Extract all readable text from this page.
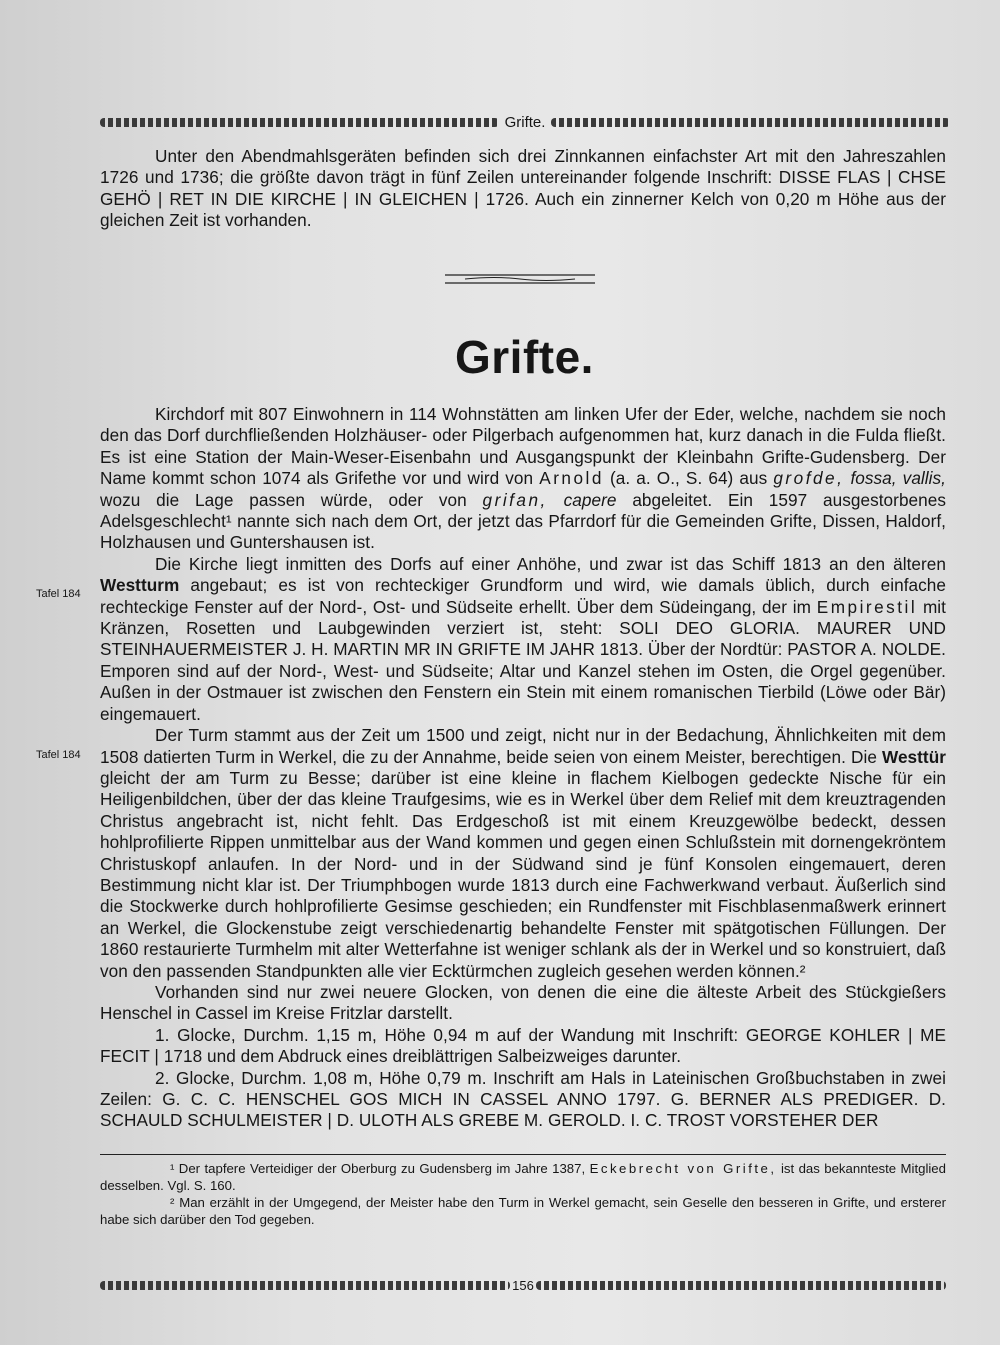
Grifte.

Unter den Abendmahlsgeräten befinden sich drei Zinnkannen einfachster Art mit den Jahreszahlen 1726 und 1736; die größte davon trägt in fünf Zeilen untereinander folgende Inschrift: DISSE FLAS | CHSE GEHÖ | RET IN DIE KIRCHE | IN GLEICHEN | 1726. Auch ein zinnerner Kelch von 0,20 m Höhe aus der gleichen Zeit ist vorhanden.

Grifte.

Kirchdorf mit 807 Einwohnern in 114 Wohnstätten am linken Ufer der Eder, welche, nachdem sie noch den das Dorf durchfließenden Holzhäuser- oder Pilgerbach aufgenommen hat, kurz danach in die Fulda fließt. Es ist eine Station der Main-Weser-Eisenbahn und Ausgangspunkt der Kleinbahn Grifte-Gudensberg. Der Name kommt schon 1074 als Grifethe vor und wird von Arnold (a. a. O., S. 64) aus grofde, fossa, vallis, wozu die Lage passen würde, oder von grifan, capere abgeleitet. Ein 1597 ausgestorbenes Adelsgeschlecht¹ nannte sich nach dem Ort, der jetzt das Pfarrdorf für die Gemeinden Grifte, Dissen, Haldorf, Holzhausen und Guntershausen ist.

Die Kirche liegt inmitten des Dorfs auf einer Anhöhe, und zwar ist das Schiff 1813 an den älteren Westturm angebaut; es ist von rechteckiger Grundform und wird, wie damals üblich, durch einfache rechteckige Fenster auf der Nord-, Ost- und Südseite erhellt. Über dem Südeingang, der im Empirestil mit Kränzen, Rosetten und Laubgewinden verziert ist, steht: SOLI DEO GLORIA. MAURER UND STEINHAUERMEISTER J. H. MARTIN MR IN GRIFTE IM JAHR 1813. Über der Nordtür: PASTOR A. NOLDE. Emporen sind auf der Nord-, West- und Südseite; Altar und Kanzel stehen im Osten, die Orgel gegenüber. Außen in der Ostmauer ist zwischen den Fenstern ein Stein mit einem romanischen Tierbild (Löwe oder Bär) eingemauert.

Der Turm stammt aus der Zeit um 1500 und zeigt, nicht nur in der Bedachung, Ähnlichkeiten mit dem 1508 datierten Turm in Werkel, die zu der Annahme, beide seien von einem Meister, berechtigen. Die Westtür gleicht der am Turm zu Besse; darüber ist eine kleine in flachem Kielbogen gedeckte Nische für ein Heiligenbildchen, über der das kleine Traufgesims, wie es in Werkel über dem Relief mit dem kreuztragenden Christus angebracht ist, nicht fehlt. Das Erdgeschoß ist mit einem Kreuzgewölbe bedeckt, dessen hohlprofilierte Rippen unmittelbar aus der Wand kommen und gegen einen Schlußstein mit dornengekröntem Christuskopf anlaufen. In der Nord- und in der Südwand sind je fünf Konsolen eingemauert, deren Bestimmung nicht klar ist. Der Triumphbogen wurde 1813 durch eine Fachwerkwand verbaut. Äußerlich sind die Stockwerke durch hohlprofilierte Gesimse geschieden; ein Rundfenster mit Fischblasenmaßwerk erinnert an Werkel, die Glockenstube zeigt verschiedenartig behandelte Fenster mit spätgotischen Füllungen. Der 1860 restaurierte Turmhelm mit alter Wetterfahne ist weniger schlank als der in Werkel und so konstruiert, daß von den passenden Standpunkten alle vier Ecktürmchen zugleich gesehen werden können.²

Vorhanden sind nur zwei neuere Glocken, von denen die eine die älteste Arbeit des Stückgießers Henschel in Cassel im Kreise Fritzlar darstellt.

1. Glocke, Durchm. 1,15 m, Höhe 0,94 m auf der Wandung mit Inschrift: GEORGE KOHLER | ME FECIT | 1718 und dem Abdruck eines dreiblättrigen Salbeizweiges darunter.

2. Glocke, Durchm. 1,08 m, Höhe 0,79 m. Inschrift am Hals in Lateinischen Großbuchstaben in zwei Zeilen: G. C. C. HENSCHEL GOS MICH IN CASSEL ANNO 1797. G. BERNER ALS PREDIGER. D. SCHAULD SCHULMEISTER | D. ULOTH ALS GREBE M. GEROLD. I. C. TROST VORSTEHER DER

Tafel 184
Tafel 184

¹ Der tapfere Verteidiger der Oberburg zu Gudensberg im Jahre 1387, Eckebrecht von Grifte, ist das bekannteste Mitglied desselben. Vgl. S. 160.

² Man erzählt in der Umgegend, der Meister habe den Turm in Werkel gemacht, sein Geselle den besseren in Grifte, und ersterer habe sich darüber den Tod gegeben.

156
